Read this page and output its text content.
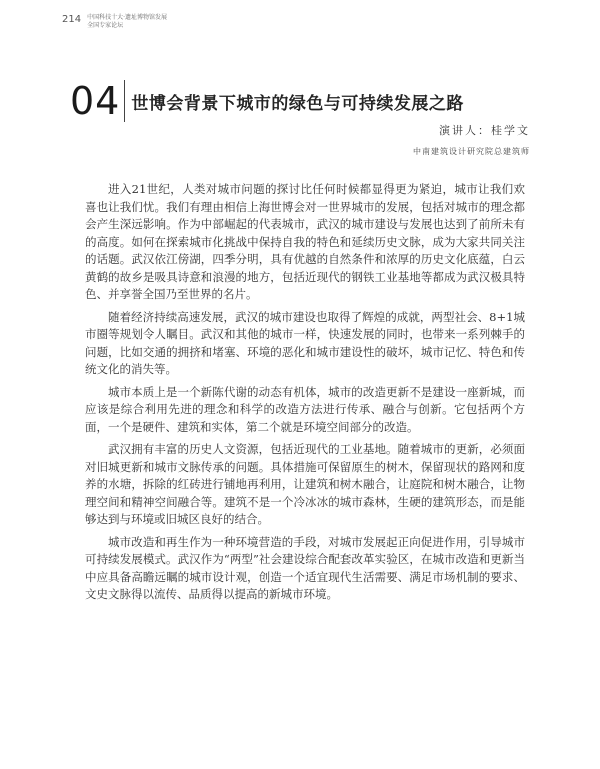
214 中国科技十大·遗址博物馆发展
全国专家论坛
04 世博会背景下城市的绿色与可持续发展之路
演讲人：桂学文
中南建筑设计研究院总建筑师

进入21世纪，人类对城市问题的探讨比任何时候都显得更为紧迫，城市让我们欢喜也让我们忧。我们有理由相信上海世博会对一世界城市的发展，包括对城市的理念都会产生深远影响。作为中部崛起的代表城市，武汉的城市建设与发展也达到了前所未有的高度。如何在探索城市化挑战中保持自我的特色和延续历史文脉，成为大家共同关注的话题。武汉依江傍湖，四季分明，具有优越的自然条件和浓厚的历史文化底蕴，白云黄鹤的故乡是吸具诗意和浪漫的地方，包括近现代的钢铁工业基地等都成为武汉极具特色、并享誉全国乃至世界的名片。

随着经济持续高速发展，武汉的城市建设也取得了辉煌的成就，两型社会、8+1城市圈等规划令人瞩目。武汉和其他的城市一样，快速发展的同时，也带来一系列棘手的问题，比如交通的拥挤和堵塞、环境的恶化和城市建设性的破坏，城市记忆、特色和传统文化的消失等。

城市本质上是一个新陈代谢的动态有机体，城市的改造更新不是建设一座新城，而应该是综合利用先进的理念和科学的改造方法进行传承、融合与创新。它包括两个方面，一个是硬件、建筑和实体，第二个就是环境空间部分的改造。

武汉拥有丰富的历史人文资源，包括近现代的工业基地。随着城市的更新，必须面对旧城更新和城市文脉传承的问题。具体措施可保留原生的树木，保留现状的路网和度养的水塘，拆除的红砖进行铺地再利用，让建筑和树木融合，让庭院和树木融合，让物理空间和精神空间融合等。建筑不是一个冷冰冰的城市森林，生硬的建筑形态，而是能够达到与环境或旧城区良好的结合。

城市改造和再生作为一种环境营造的手段，对城市发展起正向促进作用，引导城市可持续发展模式。武汉作为“两型”社会建设综合配套改革实验区，在城市改造和更新当中应具备高瞻远瞩的城市设计观，创造一个适宜现代生活需要、满足市场机制的要求、文史文脉得以流传、品质得以提高的新城市环境。
